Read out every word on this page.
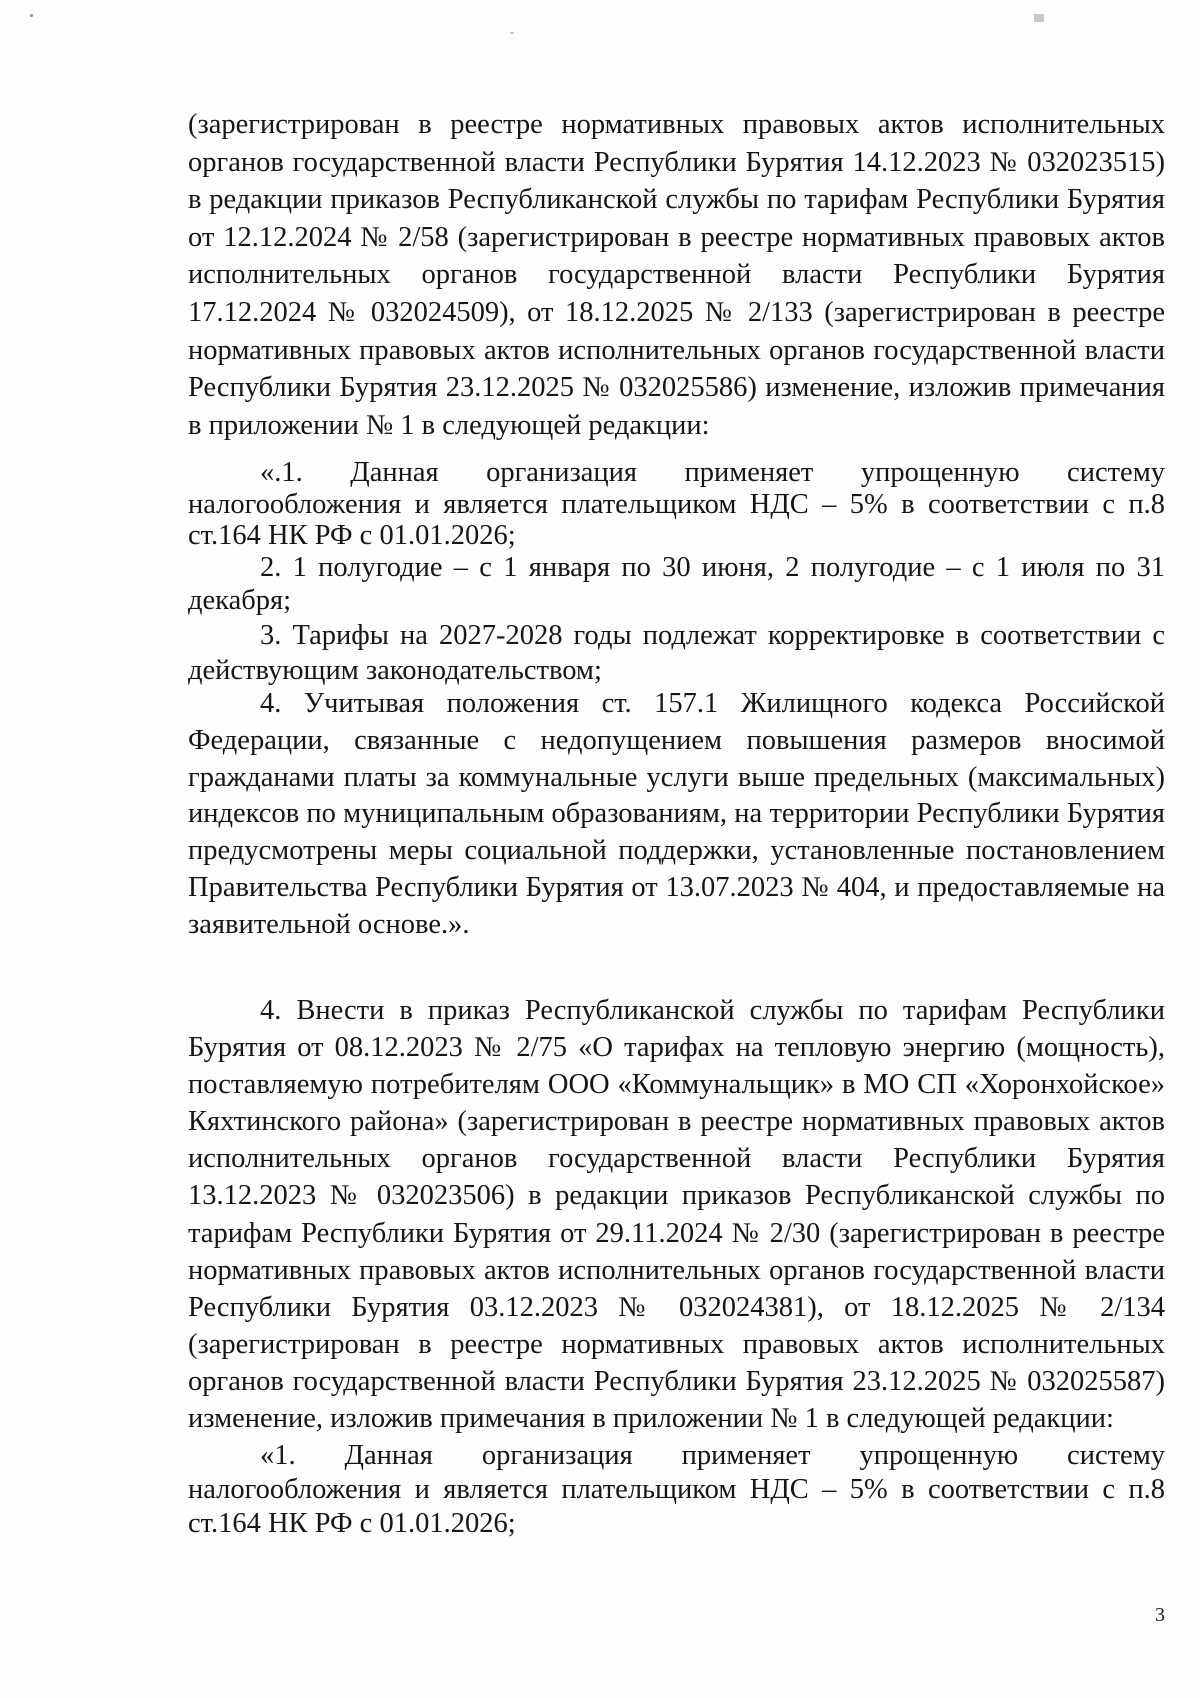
(зарегистрирован в реестре нормативных правовых актов исполнительных органов государственной власти Республики Бурятия 14.12.2023 № 032023515) в редакции приказов Республиканской службы по тарифам Республики Бурятия от 12.12.2024 № 2/58 (зарегистрирован в реестре нормативных правовых актов исполнительных органов государственной власти Республики Бурятия 17.12.2024 № 032024509), от 18.12.2025 № 2/133 (зарегистрирован в реестре нормативных правовых актов исполнительных органов государственной власти Республики Бурятия 23.12.2025 № 032025586) изменение, изложив примечания в приложении № 1 в следующей редакции:

«.1. Данная организация применяет упрощенную систему налогообложения и является плательщиком НДС – 5% в соответствии с п.8 ст.164 НК РФ с 01.01.2026;

2. 1 полугодие – с 1 января по 30 июня, 2 полугодие – с 1 июля по 31 декабря;

3. Тарифы на 2027-2028 годы подлежат корректировке в соответствии с действующим законодательством;

4. Учитывая положения ст. 157.1 Жилищного кодекса Российской Федерации, связанные с недопущением повышения размеров вносимой гражданами платы за коммунальные услуги выше предельных (максимальных) индексов по муниципальным образованиям, на территории Республики Бурятия предусмотрены меры социальной поддержки, установленные постановлением Правительства Республики Бурятия от 13.07.2023 № 404, и предоставляемые на заявительной основе.».

4. Внести в приказ Республиканской службы по тарифам Республики Бурятия от 08.12.2023 № 2/75 «О тарифах на тепловую энергию (мощность), поставляемую потребителям ООО «Коммунальщик» в МО СП «Хоронхойское» Кяхтинского района» (зарегистрирован в реестре нормативных правовых актов исполнительных органов государственной власти Республики Бурятия 13.12.2023 № 032023506) в редакции приказов Республиканской службы по тарифам Республики Бурятия от 29.11.2024 № 2/30 (зарегистрирован в реестре нормативных правовых актов исполнительных органов государственной власти Республики Бурятия 03.12.2023 № 032024381), от 18.12.2025 № 2/134 (зарегистрирован в реестре нормативных правовых актов исполнительных органов государственной власти Республики Бурятия 23.12.2025 № 032025587) изменение, изложив примечания в приложении № 1 в следующей редакции:

«1. Данная организация применяет упрощенную систему налогообложения и является плательщиком НДС – 5% в соответствии с п.8 ст.164 НК РФ с 01.01.2026;

3
